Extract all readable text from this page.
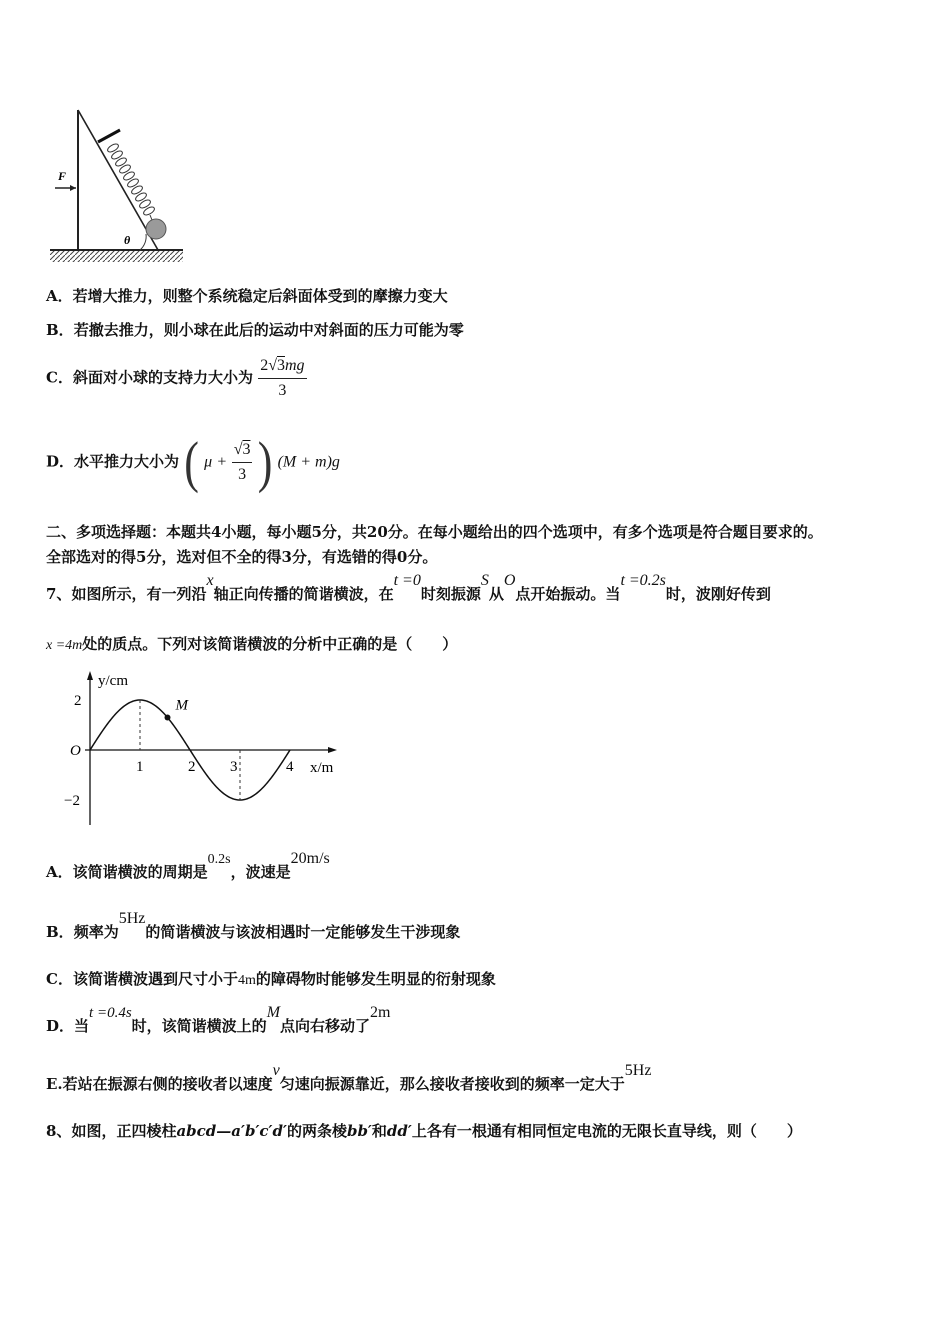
F
θ
A．若增大推力，则整个系统稳定后斜面体受到的摩擦力变大
B．若撤去推力，则小球在此后的运动中对斜面的压力可能为零
C．斜面对小球的支持力大小为 $\frac{2√3mg}{3}$
D．水平推力大小为 ( $\mu + \frac{√3}{3}$ ) (M + m)g
二、多项选择题：本题共4小题，每小题5分，共20分。在每小题给出的四个选项中，有多个选项是符合题目要求的。
全部选对的得5分，选对但不全的得3分，有选错的得0分。
7、如图所示，有一列沿x轴正向传播的简谐横波，在t =0时刻振源S从O点开始振动。当t =0.2s时，波刚好传到
x =4m处的质点。下列对该简谐横波的分析中正确的是（　　）
M
O
y/cm
x/m
1	2 3	4
2
−2
A．该简谐横波的周期是0.2s，波速是20m/s
B．频率为5Hz的简谐横波与该波相遇时一定能够发生干涉现象
C．该简谐横波遇到尺寸小于4m的障碍物时能够发生明显的衍射现象
D．当t =0.4s时，该简谐横波上的M点向右移动了2m
E.若站在振源右侧的接收者以速度v匀速向振源靠近，那么接收者接收到的频率一定大于5Hz
8、如图，正四棱柱abcd—a′b′c′d′的两条棱bb′和dd′上各有一根通有相同恒定电流的无限长直导线，则（　　）
